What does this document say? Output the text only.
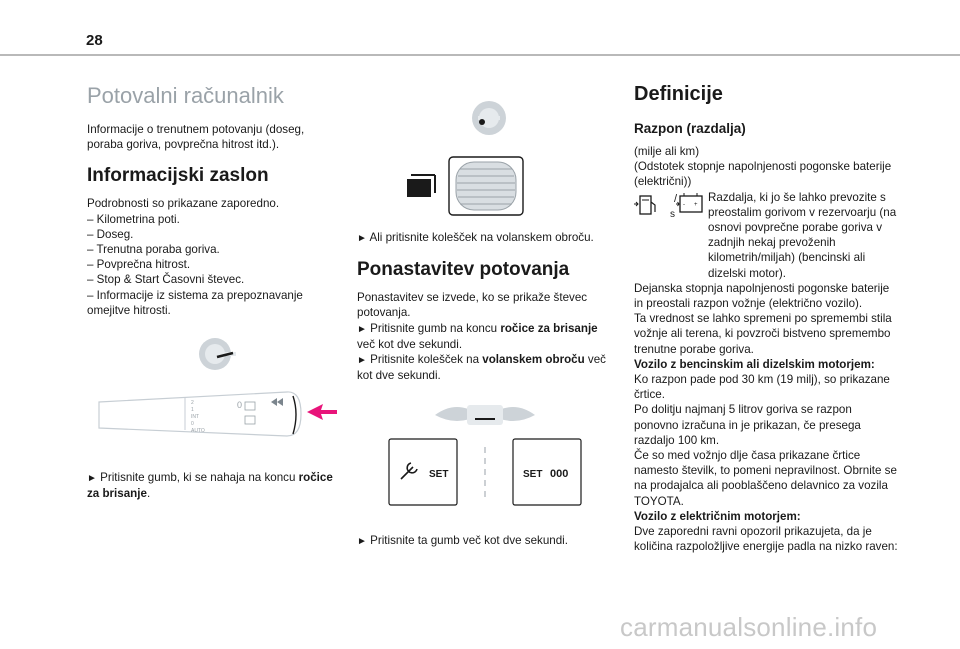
28
Potovalni računalnik

Informacije o trenutnem potovanju (doseg, poraba goriva, povprečna hitrost itd.).

Informacijski zaslon

Podrobnosti so prikazane zaporedno.

– Kilometrina poti.

– Doseg.

– Trenutna poraba goriva.

– Povprečna hitrost.

– Stop & Start Časovni števec.

– Informacije iz sistema za prepoznavanje omejitve hitrosti.

2
1
INT
0
AUTO
0

► Pritisnite gumb, ki se nahaja na koncu ročice za brisanje.

► Ali pritisnite kolešček na volanskem obroču.

Ponastavitev potovanja

Ponastavitev se izvede, ko se prikaže števec potovanja.

► Pritisnite gumb na koncu ročice za brisanje več kot dve sekundi.

► Pritisnite kolešček na volanskem obroču več kot dve sekundi.

SET	SET 000

► Pritisnite ta gumb več kot dve sekundi.

Definicije
Razpon (razdalja)

(milje ali km)

(Odstotek stopnje napolnjenosti pogonske baterije (električni))

/
s
- +
Razdalja, ki jo še lahko prevozite s preostalim gorivom v rezervoarju (na osnovi povprečne porabe goriva v zadnjih nekaj prevoženih kilometrih/miljah) (bencinski ali dizelski motor).

Dejanska stopnja napolnjenosti pogonske baterije in preostali razpon vožnje (električno vozilo).

Ta vrednost se lahko spremeni po spremembi stila vožnje ali terena, ki povzroči bistveno spremembo trenutne porabe goriva.

Vozilo z bencinskim ali dizelskim motorjem:

Ko razpon pade pod 30 km (19 milj), so prikazane črtice.

Po dolitju najmanj 5 litrov goriva se razpon ponovno izračuna in je prikazan, če presega razdaljo 100 km.

Če so med vožnjo dlje časa prikazane črtice namesto številk, to pomeni nepravilnost. Obrnite se na prodajalca ali pooblaščeno delavnico za vozila TOYOTA.

Vozilo z električnim motorjem:

Dve zaporedni ravni opozoril prikazujeta, da je količina razpoložljive energije padla na nizko raven:

carmanualsonline.info
